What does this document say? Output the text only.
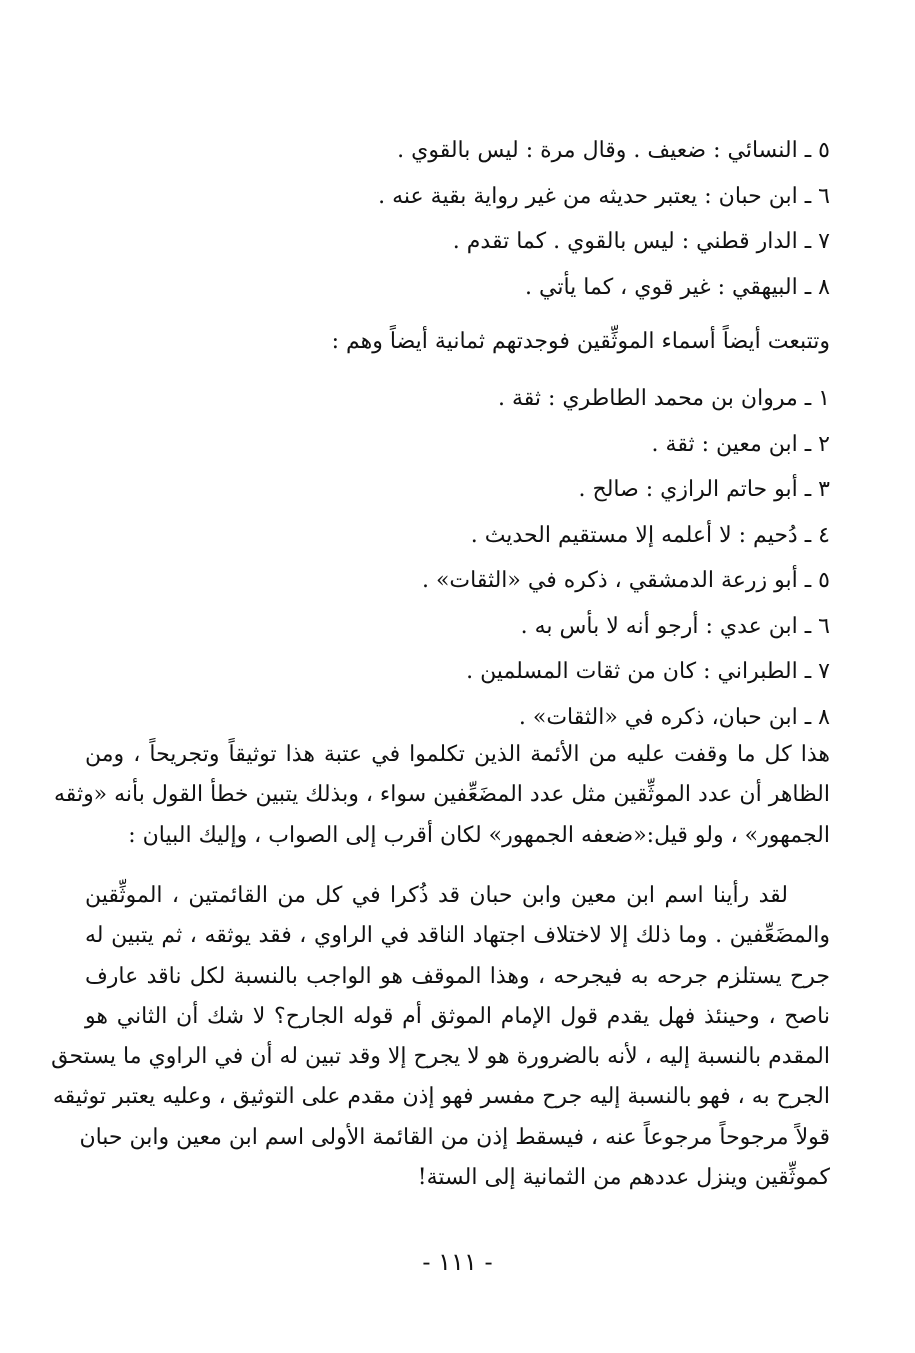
٥ ـ النسائي : ضعيف . وقال مرة : ليس بالقوي .
٦ ـ ابن حبان : يعتبر حديثه من غير رواية بقية عنه .
٧ ـ الدار قطني : ليس بالقوي . كما تقدم .
٨ ـ البيهقي : غير قوي ، كما يأتي .
وتتبعت أيضاً أسماء الموثِّقين فوجدتهم ثمانية أيضاً وهم :
١ ـ مروان بن محمد الطاطري : ثقة .
٢ ـ ابن معين : ثقة .
٣ ـ أبو حاتم الرازي : صالح .
٤ ـ دُحيم : لا أعلمه إلا مستقيم الحديث .
٥ ـ أبو زرعة الدمشقي ، ذكره في «الثقات» .
٦ ـ ابن عدي : أرجو أنه لا بأس به .
٧ ـ الطبراني : كان من ثقات المسلمين .
٨ ـ ابن حبان، ذكره في «الثقات» .
هذا كل ما وقفت عليه من الأئمة الذين تكلموا في عتبة هذا توثيقاً وتجريحاً ، ومن
الظاهر أن عدد الموثِّقين مثل عدد المضَعِّفين سواء ، وبذلك يتبين خطأ القول بأنه «وثقه
الجمهور» ، ولو قيل:«ضعفه الجمهور» لكان أقرب إلى الصواب ، وإليك البيان :
لقد رأينا اسم ابن معين وابن حبان قد ذُكرا في كل من القائمتين ، الموثِّقين
والمضَعِّفين . وما ذلك إلا لاختلاف اجتهاد الناقد في الراوي ، فقد يوثقه ، ثم يتبين له
جرح يستلزم جرحه به فيجرحه ، وهذا الموقف هو الواجب بالنسبة لكل ناقد عارف
ناصح ، وحينئذ فهل يقدم قول الإمام الموثق أم قوله الجارح؟ لا شك أن الثاني هو
المقدم بالنسبة إليه ، لأنه بالضرورة هو لا يجرح إلا وقد تبين له أن في الراوي ما يستحق
الجرح به ، فهو بالنسبة إليه جرح مفسر فهو إذن مقدم على التوثيق ، وعليه يعتبر توثيقه
قولاً مرجوحاً مرجوعاً عنه ، فيسقط إذن من القائمة الأولى اسم ابن معين وابن حبان
كموثِّقين وينزل عددهم من الثمانية إلى الستة!
- ١١١ -
